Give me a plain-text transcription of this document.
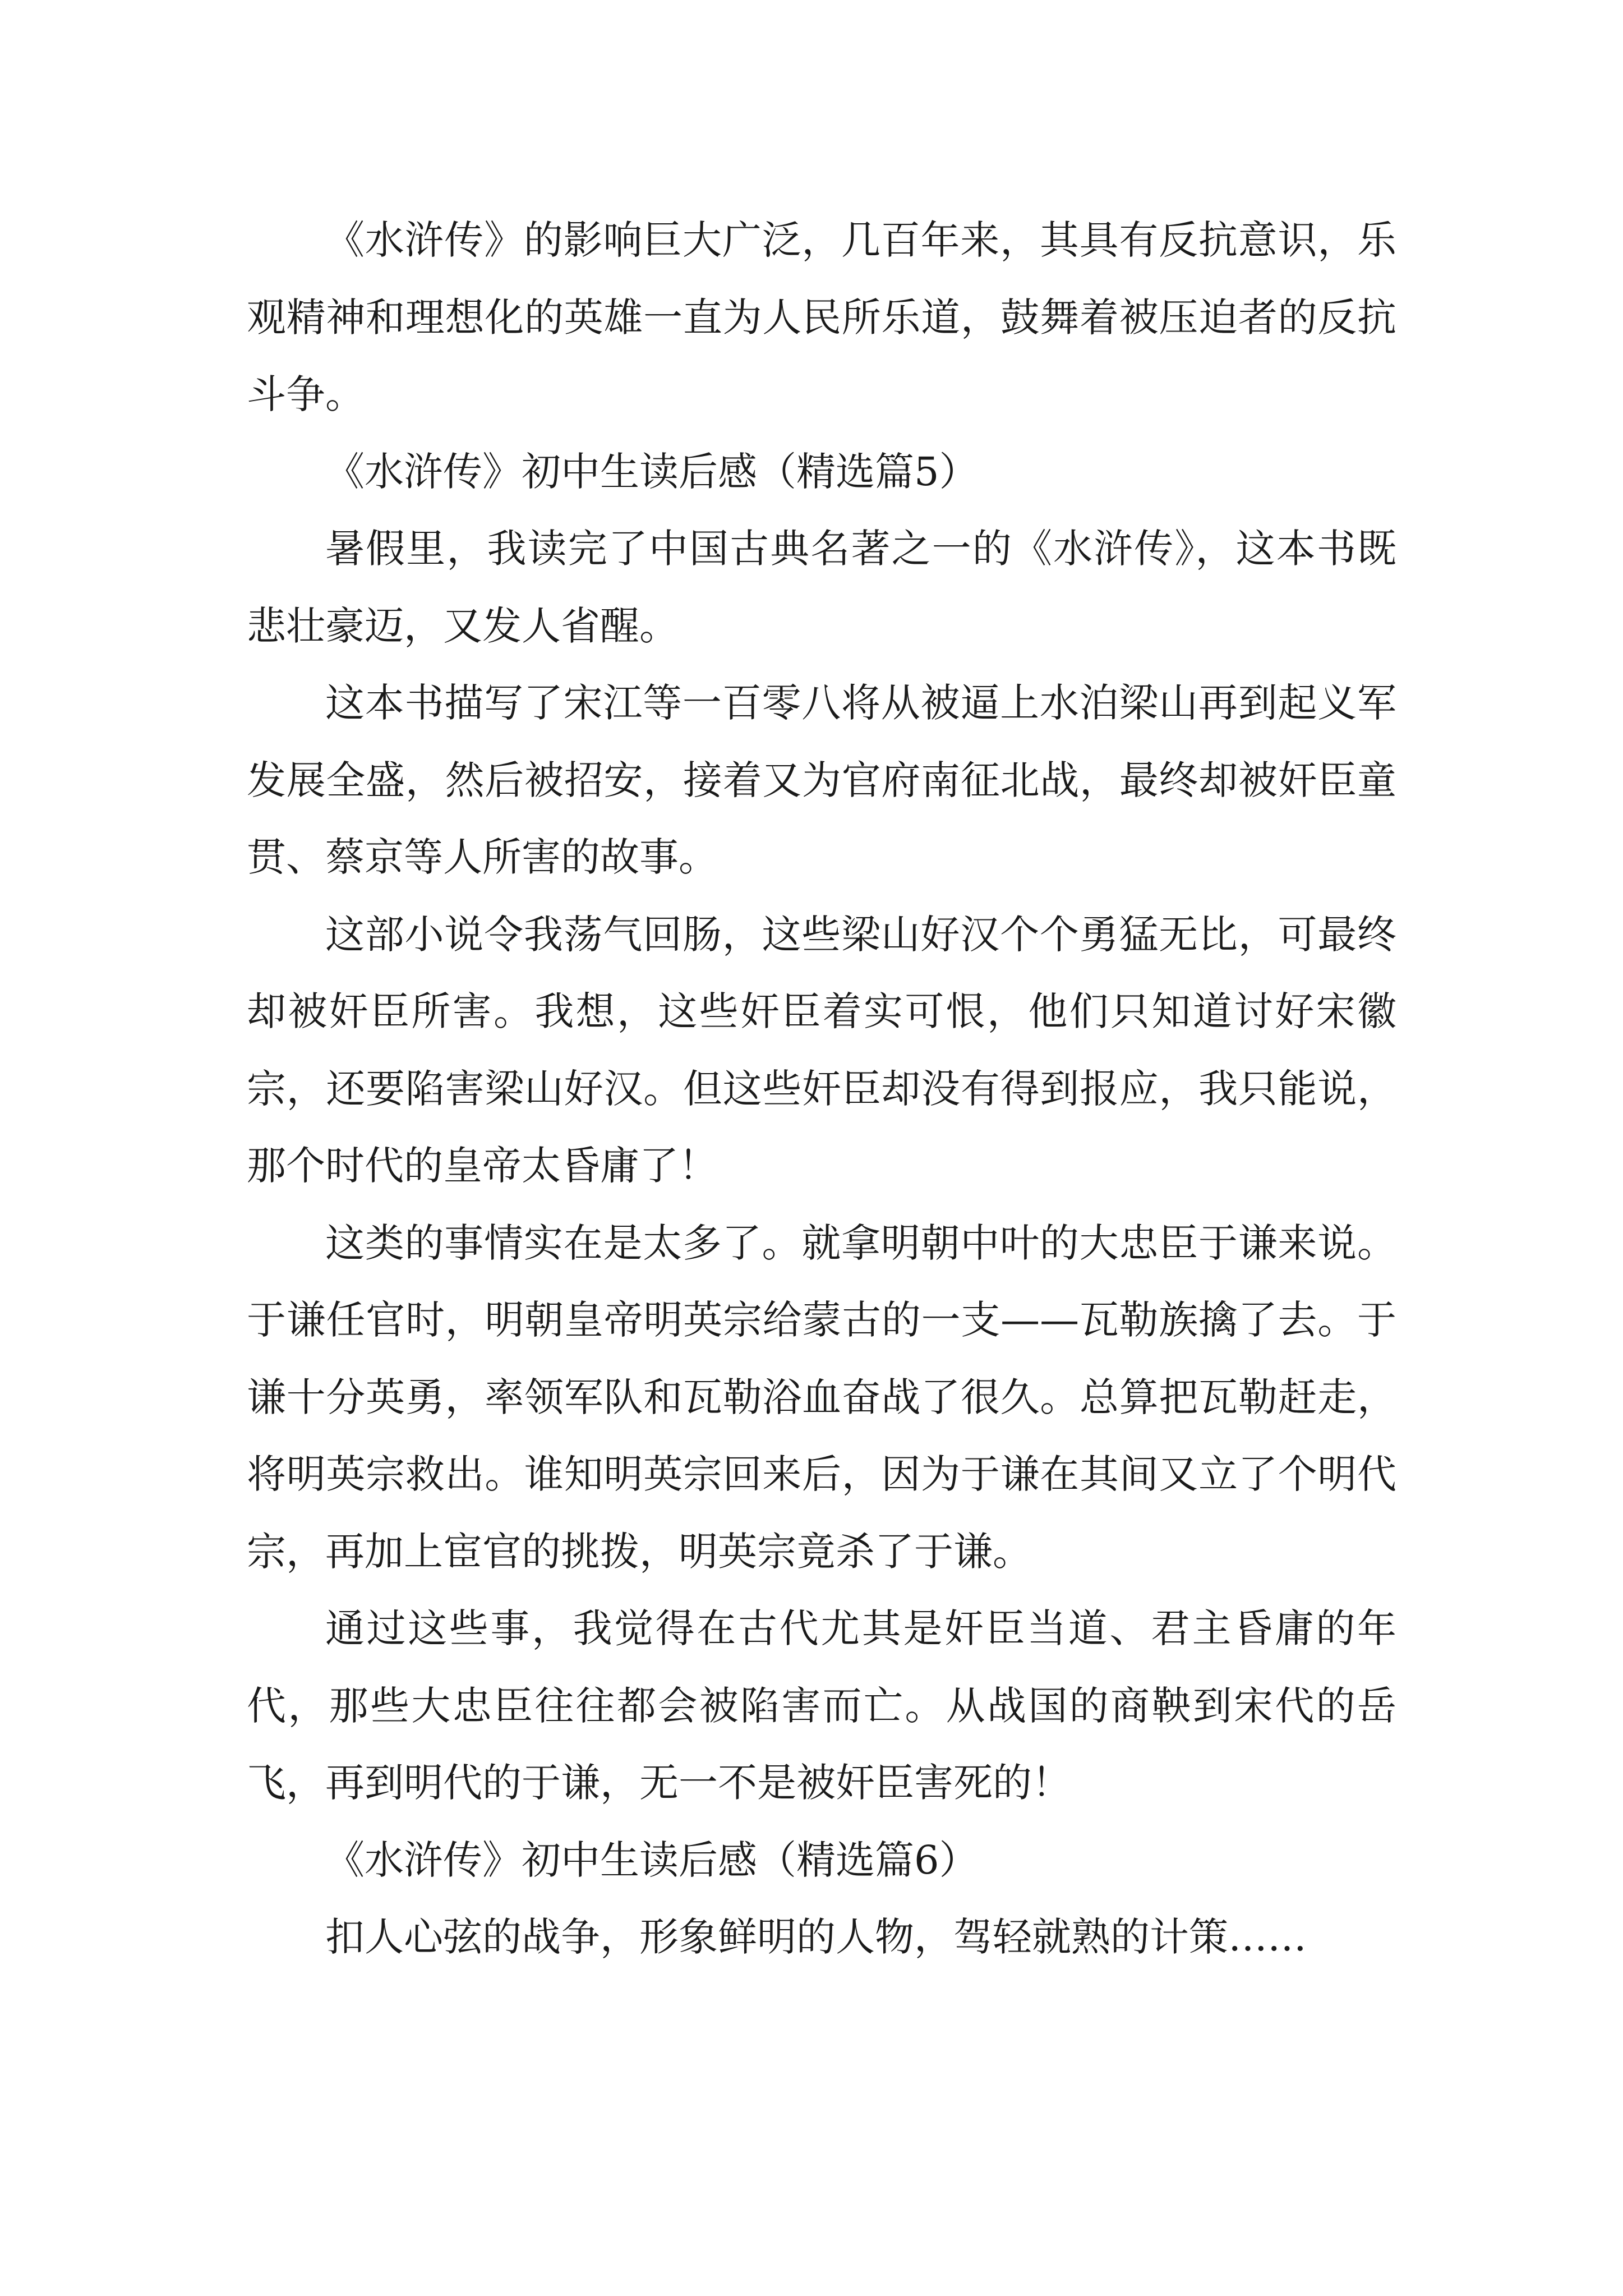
《水浒传》的影响巨大广泛，几百年来，其具有反抗意识，乐观精神和理想化的英雄一直为人民所乐道，鼓舞着被压迫者的反抗斗争。

《水浒传》初中生读后感（精选篇5）

暑假里，我读完了中国古典名著之一的《水浒传》，这本书既悲壮豪迈，又发人省醒。

这本书描写了宋江等一百零八将从被逼上水泊梁山再到起义军发展全盛，然后被招安，接着又为官府南征北战，最终却被奸臣童贯、蔡京等人所害的故事。

这部小说令我荡气回肠，这些梁山好汉个个勇猛无比，可最终却被奸臣所害。我想，这些奸臣着实可恨，他们只知道讨好宋徽宗，还要陷害梁山好汉。但这些奸臣却没有得到报应，我只能说，那个时代的皇帝太昏庸了！

这类的事情实在是太多了。就拿明朝中叶的大忠臣于谦来说。于谦任官时，明朝皇帝明英宗给蒙古的一支——瓦勒族擒了去。于谦十分英勇，率领军队和瓦勒浴血奋战了很久。总算把瓦勒赶走，将明英宗救出。谁知明英宗回来后，因为于谦在其间又立了个明代宗，再加上宦官的挑拨，明英宗竟杀了于谦。

通过这些事，我觉得在古代尤其是奸臣当道、君主昏庸的年代，那些大忠臣往往都会被陷害而亡。从战国的商鞅到宋代的岳飞，再到明代的于谦，无一不是被奸臣害死的！

《水浒传》初中生读后感（精选篇6）

扣人心弦的战争，形象鲜明的人物，驾轻就熟的计策……
